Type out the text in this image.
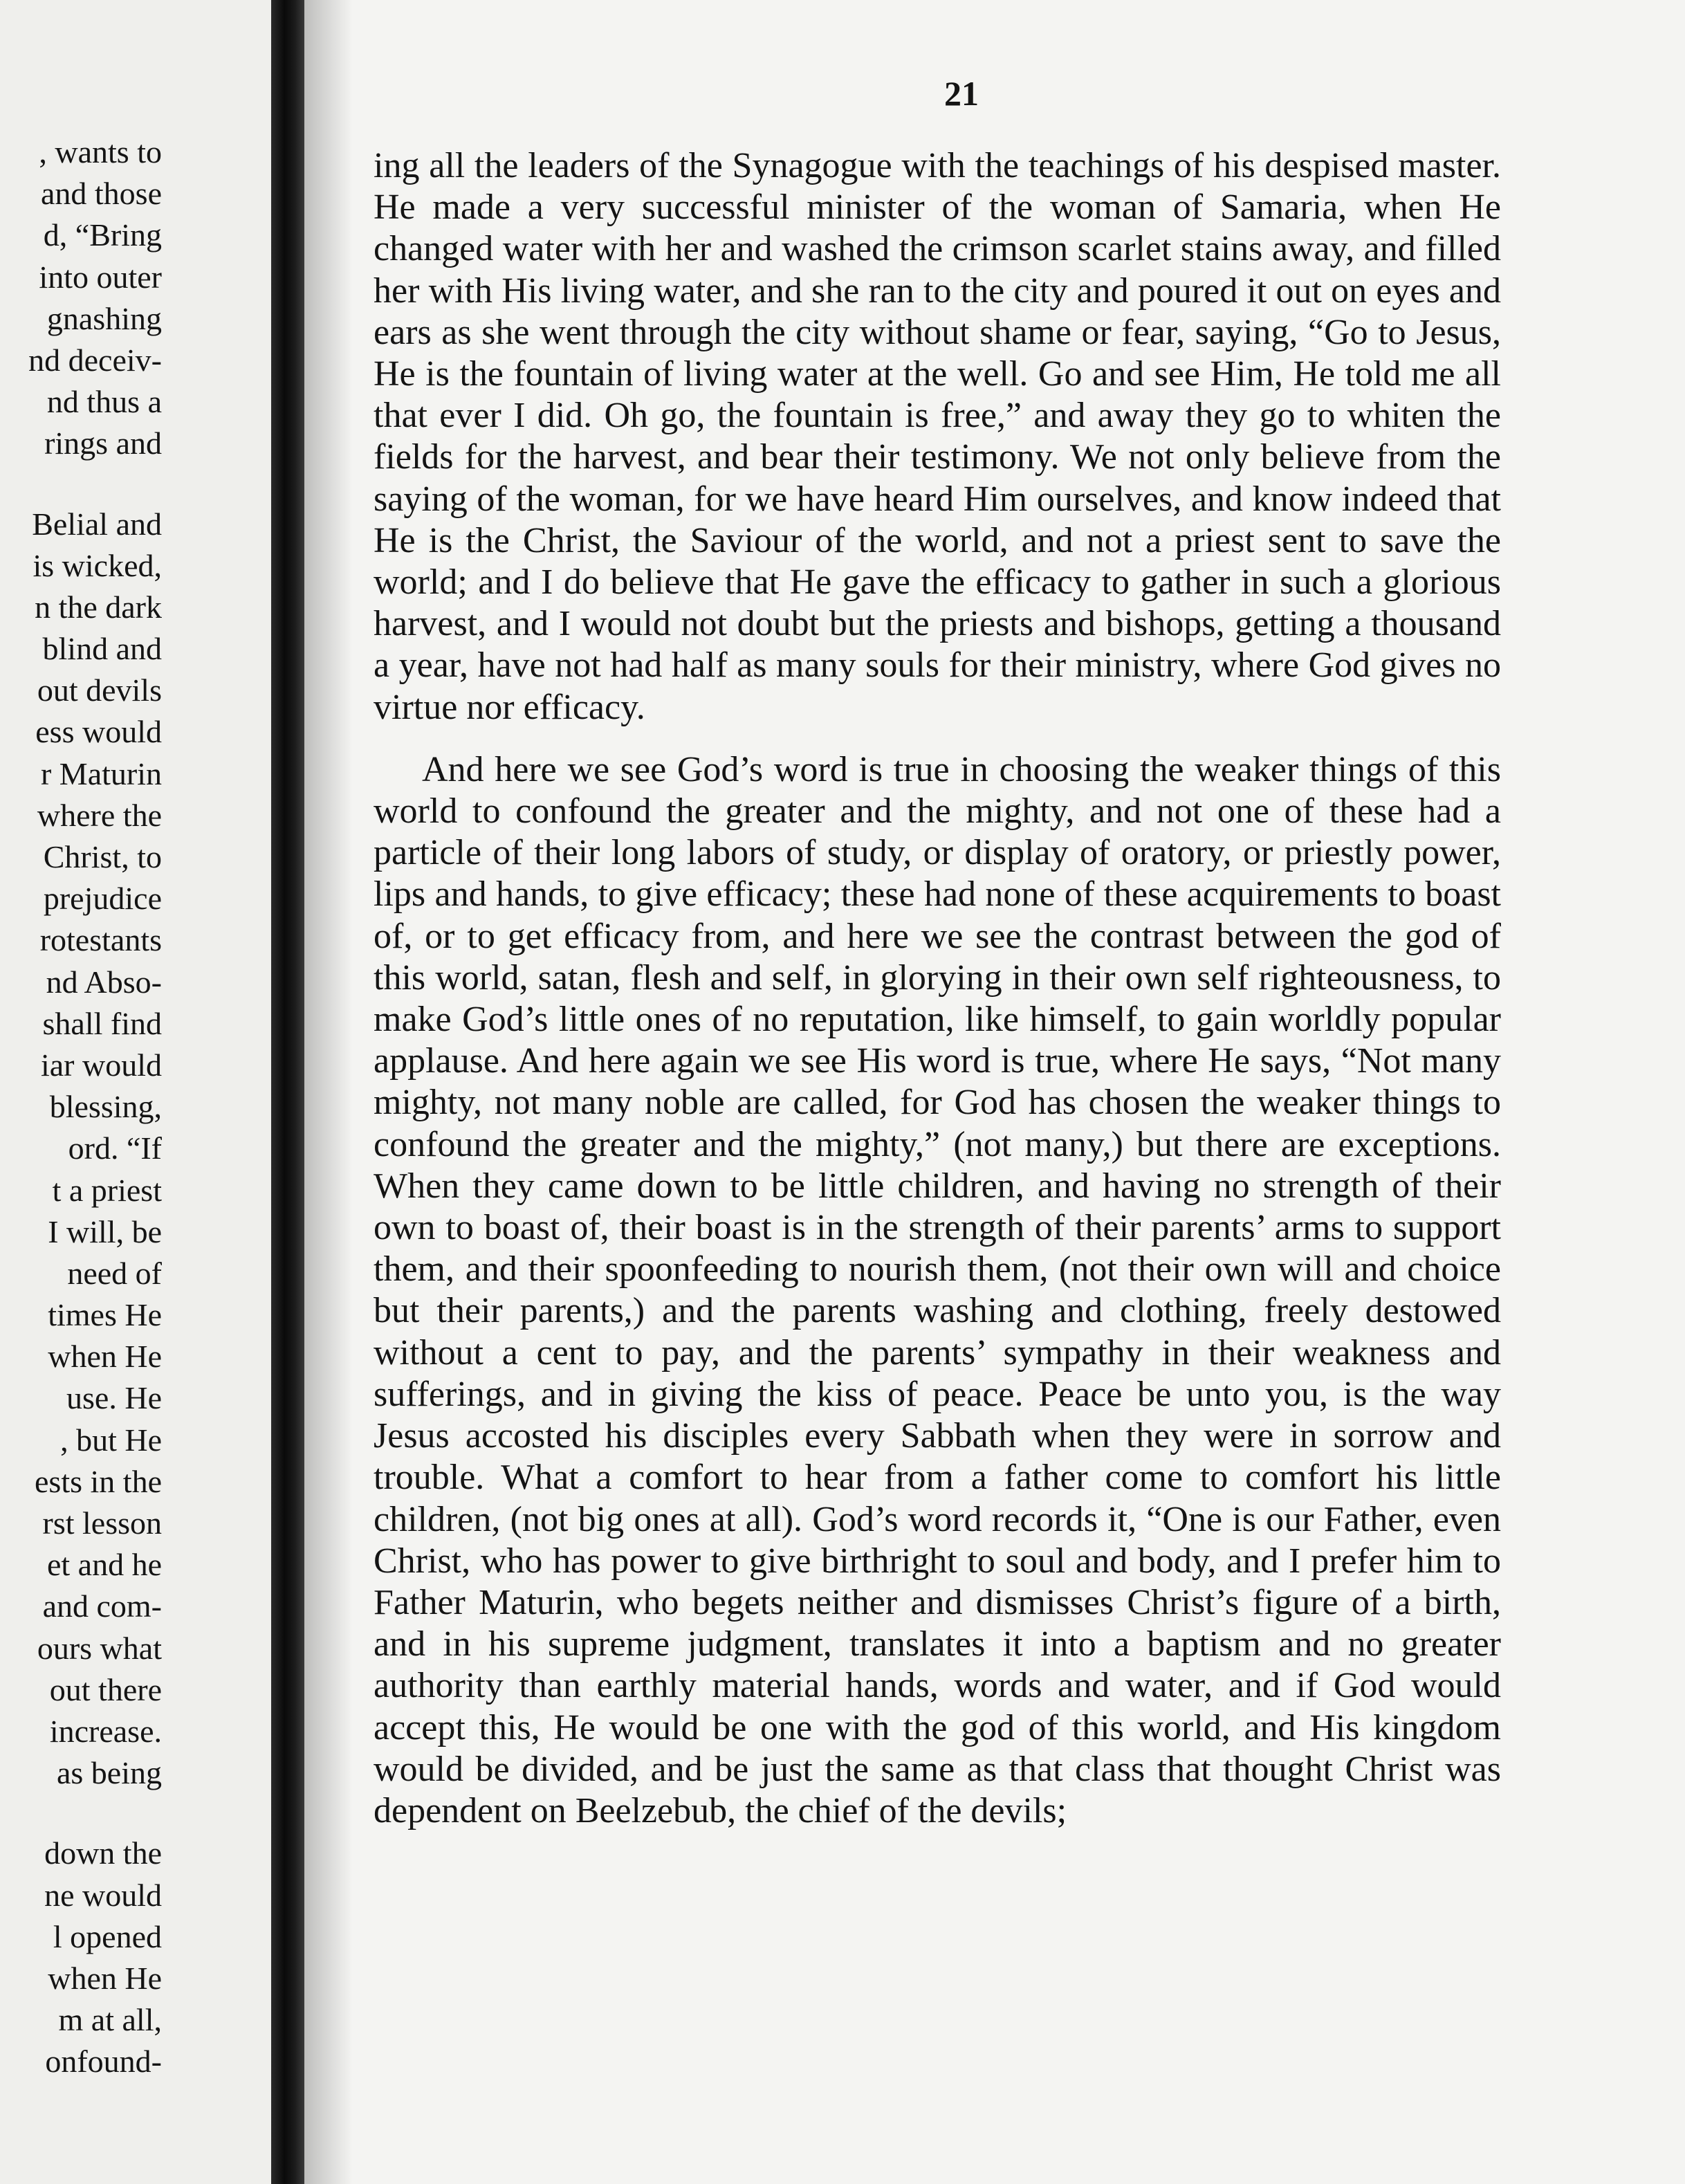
, wants to
and those
d, “Bring
into outer
gnashing
nd deceiv-
nd thus a
rings and
Belial and
is wicked,
n the dark
blind and
out devils
ess would
r Maturin
where the
Christ, to
prejudice
rotestants
nd Abso-
shall find
iar would
blessing,
ord. “If
t a priest
I will, be
need of
times He
when He
use. He
, but He
ests in the
rst lesson
et and he
and com-
ours what
out there
increase.
as being
down the
ne would
l opened
when He
m at all,
onfound-
21

ing all the leaders of the Synagogue with the teachings of his despised master. He made a very successful minister of the woman of Samaria, when He changed water with her and washed the crimson scarlet stains away, and filled her with His living water, and she ran to the city and poured it out on eyes and ears as she went through the city without shame or fear, saying, “Go to Jesus, He is the fountain of living water at the well. Go and see Him, He told me all that ever I did. Oh go, the fountain is free,” and away they go to whiten the fields for the harvest, and bear their testimony. We not only believe from the saying of the woman, for we have heard Him ourselves, and know indeed that He is the Christ, the Saviour of the world, and not a priest sent to save the world; and I do believe that He gave the efficacy to gather in such a glorious harvest, and I would not doubt but the priests and bishops, getting a thousand a year, have not had half as many souls for their ministry, where God gives no virtue nor efficacy.

And here we see God’s word is true in choosing the weaker things of this world to confound the greater and the mighty, and not one of these had a particle of their long labors of study, or display of oratory, or priestly power, lips and hands, to give efficacy; these had none of these acquirements to boast of, or to get efficacy from, and here we see the contrast between the god of this world, satan, flesh and self, in glorying in their own self righteousness, to make God’s little ones of no reputation, like himself, to gain worldly popular applause. And here again we see His word is true, where He says, “Not many mighty, not many noble are called, for God has chosen the weaker things to confound the greater and the mighty,” (not many,) but there are exceptions. When they came down to be little children, and having no strength of their own to boast of, their boast is in the strength of their parents’ arms to support them, and their spoonfeeding to nourish them, (not their own will and choice but their parents,) and the parents washing and clothing, freely destowed without a cent to pay, and the parents’ sympathy in their weakness and sufferings, and in giving the kiss of peace. Peace be unto you, is the way Jesus accosted his disciples every Sabbath when they were in sorrow and trouble. What a comfort to hear from a father come to comfort his little children, (not big ones at all). God’s word records it, “One is our Father, even Christ, who has power to give birthright to soul and body, and I prefer him to Father Maturin, who begets neither and dismisses Christ’s figure of a birth, and in his supreme judgment, translates it into a baptism and no greater authority than earthly material hands, words and water, and if God would accept this, He would be one with the god of this world, and His kingdom would be divided, and be just the same as that class that thought Christ was dependent on Beelzebub, the chief of the devils;
